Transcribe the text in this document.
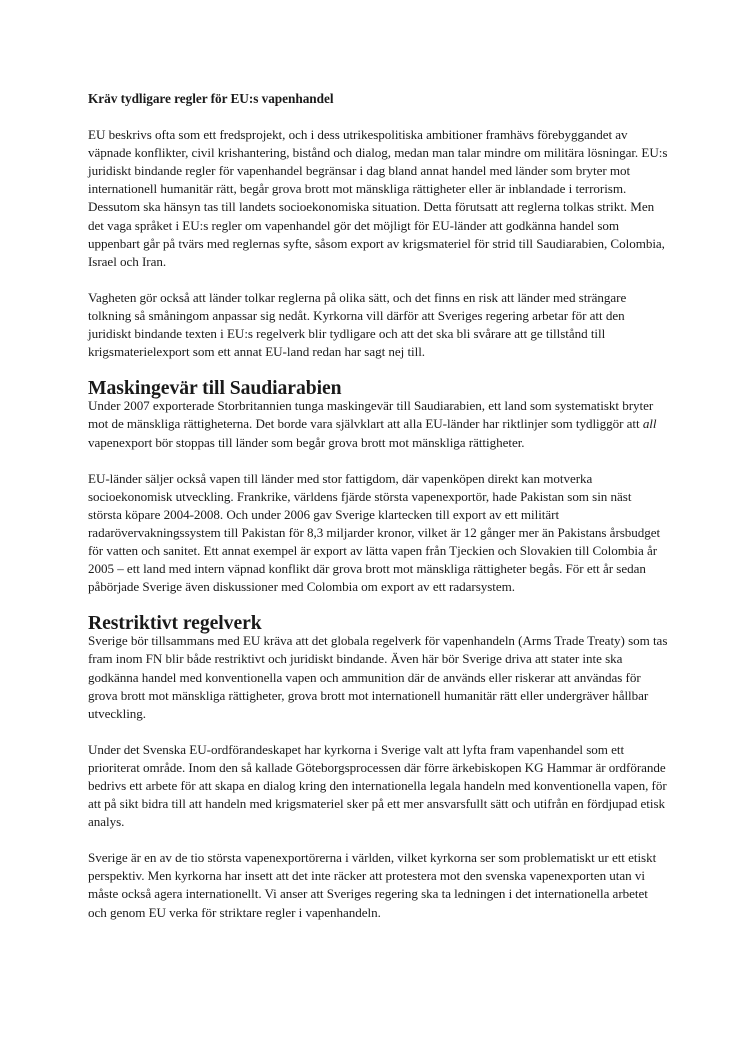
Kräv tydligare regler för EU:s vapenhandel

EU beskrivs ofta som ett fredsprojekt, och i dess utrikespolitiska ambitioner framhävs förebyggandet av väpnade konflikter, civil krishantering, bistånd och dialog, medan man talar mindre om militära lösningar. EU:s juridiskt bindande regler för vapenhandel begränsar i dag bland annat handel med länder som bryter mot internationell humanitär rätt, begår grova brott mot mänskliga rättigheter eller är inblandade i terrorism. Dessutom ska hänsyn tas till landets socioekonomiska situation. Detta förutsatt att reglerna tolkas strikt. Men det vaga språket i EU:s regler om vapenhandel gör det möjligt för EU-länder att godkänna handel som uppenbart går på tvärs med reglernas syfte, såsom export av krigsmateriel för strid till Saudiarabien, Colombia, Israel och Iran.

Vagheten gör också att länder tolkar reglerna på olika sätt, och det finns en risk att länder med strängare tolkning så småningom anpassar sig nedåt. Kyrkorna vill därför att Sveriges regering arbetar för att den juridiskt bindande texten i EU:s regelverk blir tydligare och att det ska bli svårare att ge tillstånd till krigsmaterielexport som ett annat EU-land redan har sagt nej till.

Maskingevär till Saudiarabien

Under 2007 exporterade Storbritannien tunga maskingevär till Saudiarabien, ett land som systematiskt bryter mot de mänskliga rättigheterna. Det borde vara självklart att alla EU-länder har riktlinjer som tydliggör att all vapenexport bör stoppas till länder som begår grova brott mot mänskliga rättigheter.

EU-länder säljer också vapen till länder med stor fattigdom, där vapenköpen direkt kan motverka socioekonomisk utveckling. Frankrike, världens fjärde största vapenexportör, hade Pakistan som sin näst största köpare 2004-2008. Och under 2006 gav Sverige klartecken till export av ett militärt radarövervakningssystem till Pakistan för 8,3 miljarder kronor, vilket är 12 gånger mer än Pakistans årsbudget för vatten och sanitet. Ett annat exempel är export av lätta vapen från Tjeckien och Slovakien till Colombia år 2005 – ett land med intern väpnad konflikt där grova brott mot mänskliga rättigheter begås. För ett år sedan påbörjade Sverige även diskussioner med Colombia om export av ett radarsystem.

Restriktivt regelverk

Sverige bör tillsammans med EU kräva att det globala regelverk för vapenhandeln (Arms Trade Treaty) som tas fram inom FN blir både restriktivt och juridiskt bindande. Även här bör Sverige driva att stater inte ska godkänna handel med konventionella vapen och ammunition där de används eller riskerar att användas för grova brott mot mänskliga rättigheter, grova brott mot internationell humanitär rätt eller undergräver hållbar utveckling.

Under det Svenska EU-ordförandeskapet har kyrkorna i Sverige valt att lyfta fram vapenhandel som ett prioriterat område. Inom den så kallade Göteborgsprocessen där förre ärkebiskopen KG Hammar är ordförande bedrivs ett arbete för att skapa en dialog kring den internationella legala handeln med konventionella vapen, för att på sikt bidra till att handeln med krigsmateriel sker på ett mer ansvarsfullt sätt och utifrån en fördjupad etisk analys.

Sverige är en av de tio största vapenexportörerna i världen, vilket kyrkorna ser som problematiskt ur ett etiskt perspektiv. Men kyrkorna har insett att det inte räcker att protestera mot den svenska vapenexporten utan vi måste också agera internationellt. Vi anser att Sveriges regering ska ta ledningen i det internationella arbetet och genom EU verka för striktare regler i vapenhandeln.
